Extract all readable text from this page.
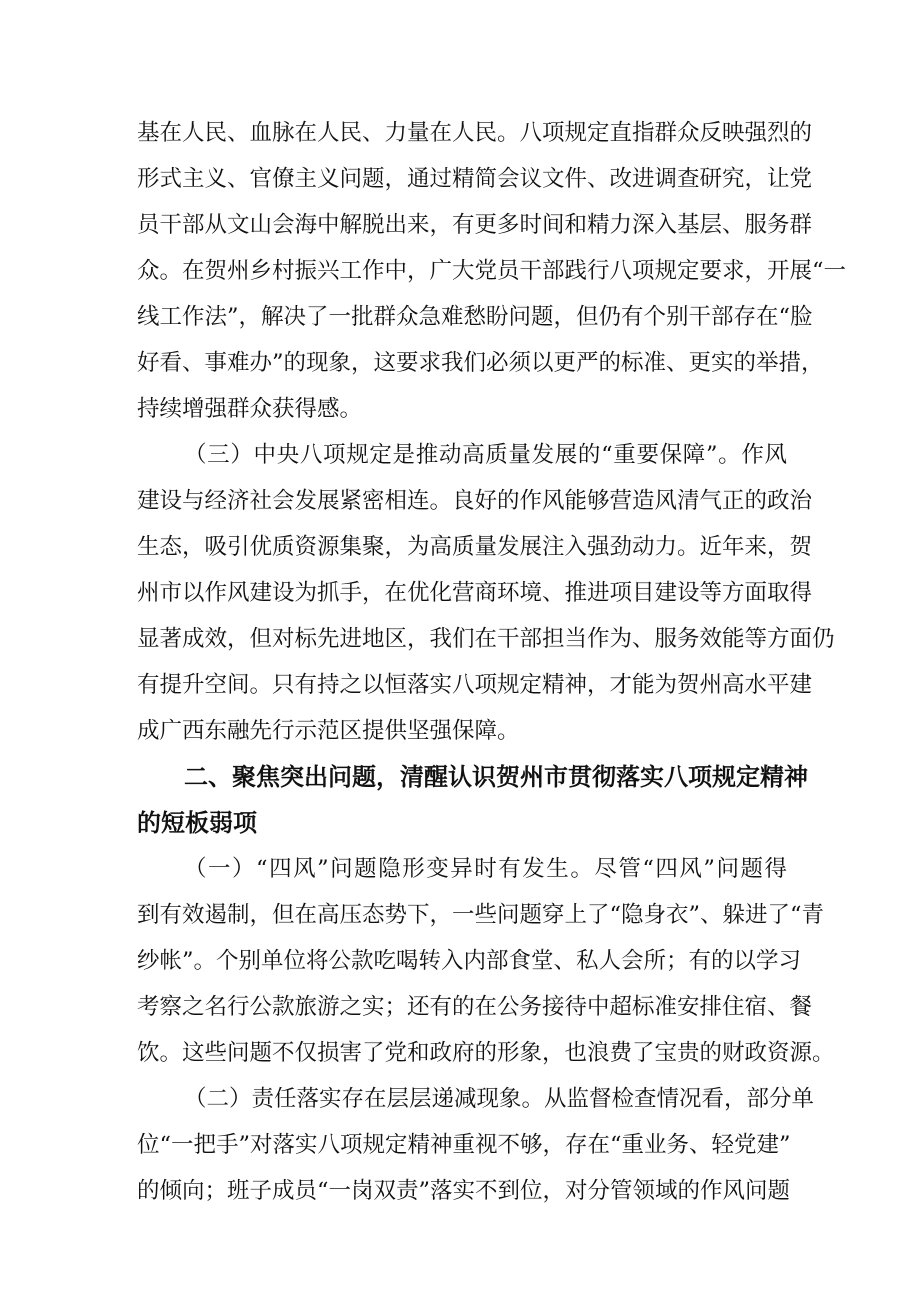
基在人民、血脉在人民、力量在人民。八项规定直指群众反映强烈的
形式主义、官僚主义问题，通过精简会议文件、改进调查研究，让党
员干部从文山会海中解脱出来，有更多时间和精力深入基层、服务群
众。在贺州乡村振兴工作中，广大党员干部践行八项规定要求，开展“一
线工作法”，解决了一批群众急难愁盼问题，但仍有个别干部存在“脸
好看、事难办”的现象，这要求我们必须以更严的标准、更实的举措，
持续增强群众获得感。
（三）中央八项规定是推动高质量发展的“重要保障”。作风
建设与经济社会发展紧密相连。良好的作风能够营造风清气正的政治
生态，吸引优质资源集聚，为高质量发展注入强劲动力。近年来，贺
州市以作风建设为抓手，在优化营商环境、推进项目建设等方面取得
显著成效，但对标先进地区，我们在干部担当作为、服务效能等方面仍
有提升空间。只有持之以恒落实八项规定精神，才能为贺州高水平建
成广西东融先行示范区提供坚强保障。
二、聚焦突出问题，清醒认识贺州市贯彻落实八项规定精神
的短板弱项
（一）“四风”问题隐形变异时有发生。尽管“四风”问题得
到有效遏制，但在高压态势下，一些问题穿上了“隐身衣”、躲进了“青
纱帐”。个别单位将公款吃喝转入内部食堂、私人会所；有的以学习
考察之名行公款旅游之实；还有的在公务接待中超标准安排住宿、餐
饮。这些问题不仅损害了党和政府的形象，也浪费了宝贵的财政资源。
（二）责任落实存在层层递减现象。从监督检查情况看，部分单
位“一把手”对落实八项规定精神重视不够，存在“重业务、轻党建”
的倾向；班子成员“一岗双责”落实不到位，对分管领域的作风问题
